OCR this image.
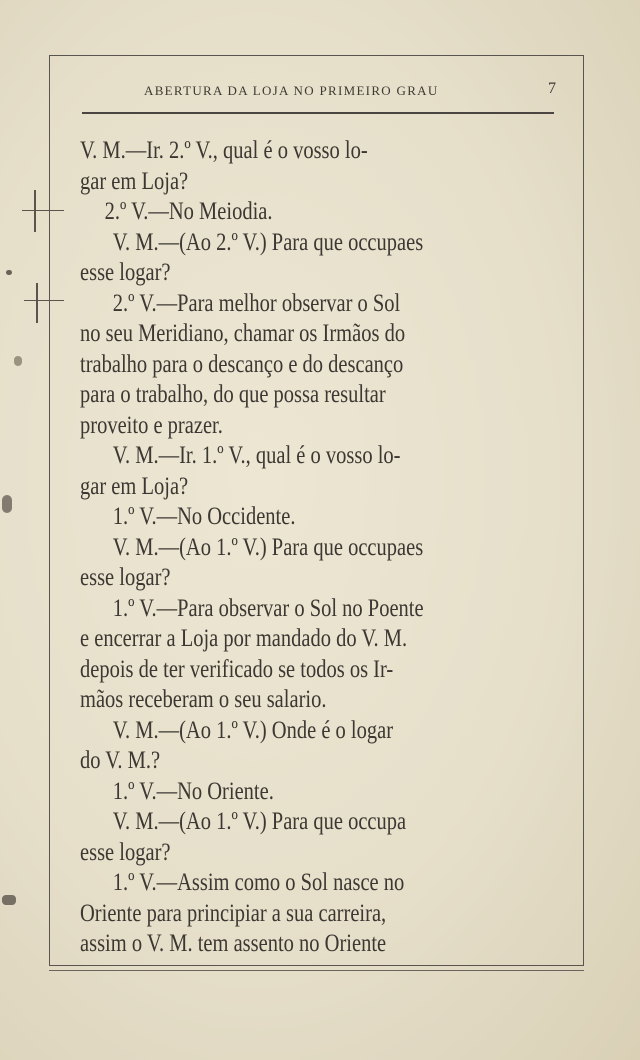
ABERTURA DA LOJA NO PRIMEIRO GRAU	7
V. M.—Ir. 2.º V., qual é o vosso lo-
gar em Loja?
2.º V.—No Meiodia.
V. M.—(Ao 2.º V.) Para que occupaes
esse logar?
2.º V.—Para melhor observar o Sol
no seu Meridiano, chamar os Irmãos do
trabalho para o descanço e do descanço
para o trabalho, do que possa resultar
proveito e prazer.
V. M.—Ir. 1.º V., qual é o vosso lo-
gar em Loja?
1.º V.—No Occidente.
V. M.—(Ao 1.º V.) Para que occupaes
esse logar?
1.º V.—Para observar o Sol no Poente
e encerrar a Loja por mandado do V. M.
depois de ter verificado se todos os Ir-
mãos receberam o seu salario.
V. M.—(Ao 1.º V.) Onde é o logar
do V. M.?
1.º V.—No Oriente.
V. M.—(Ao 1.º V.) Para que occupa
esse logar?
1.º V.—Assim como o Sol nasce no
Oriente para principiar a sua carreira,
assim o V. M. tem assento no Oriente
